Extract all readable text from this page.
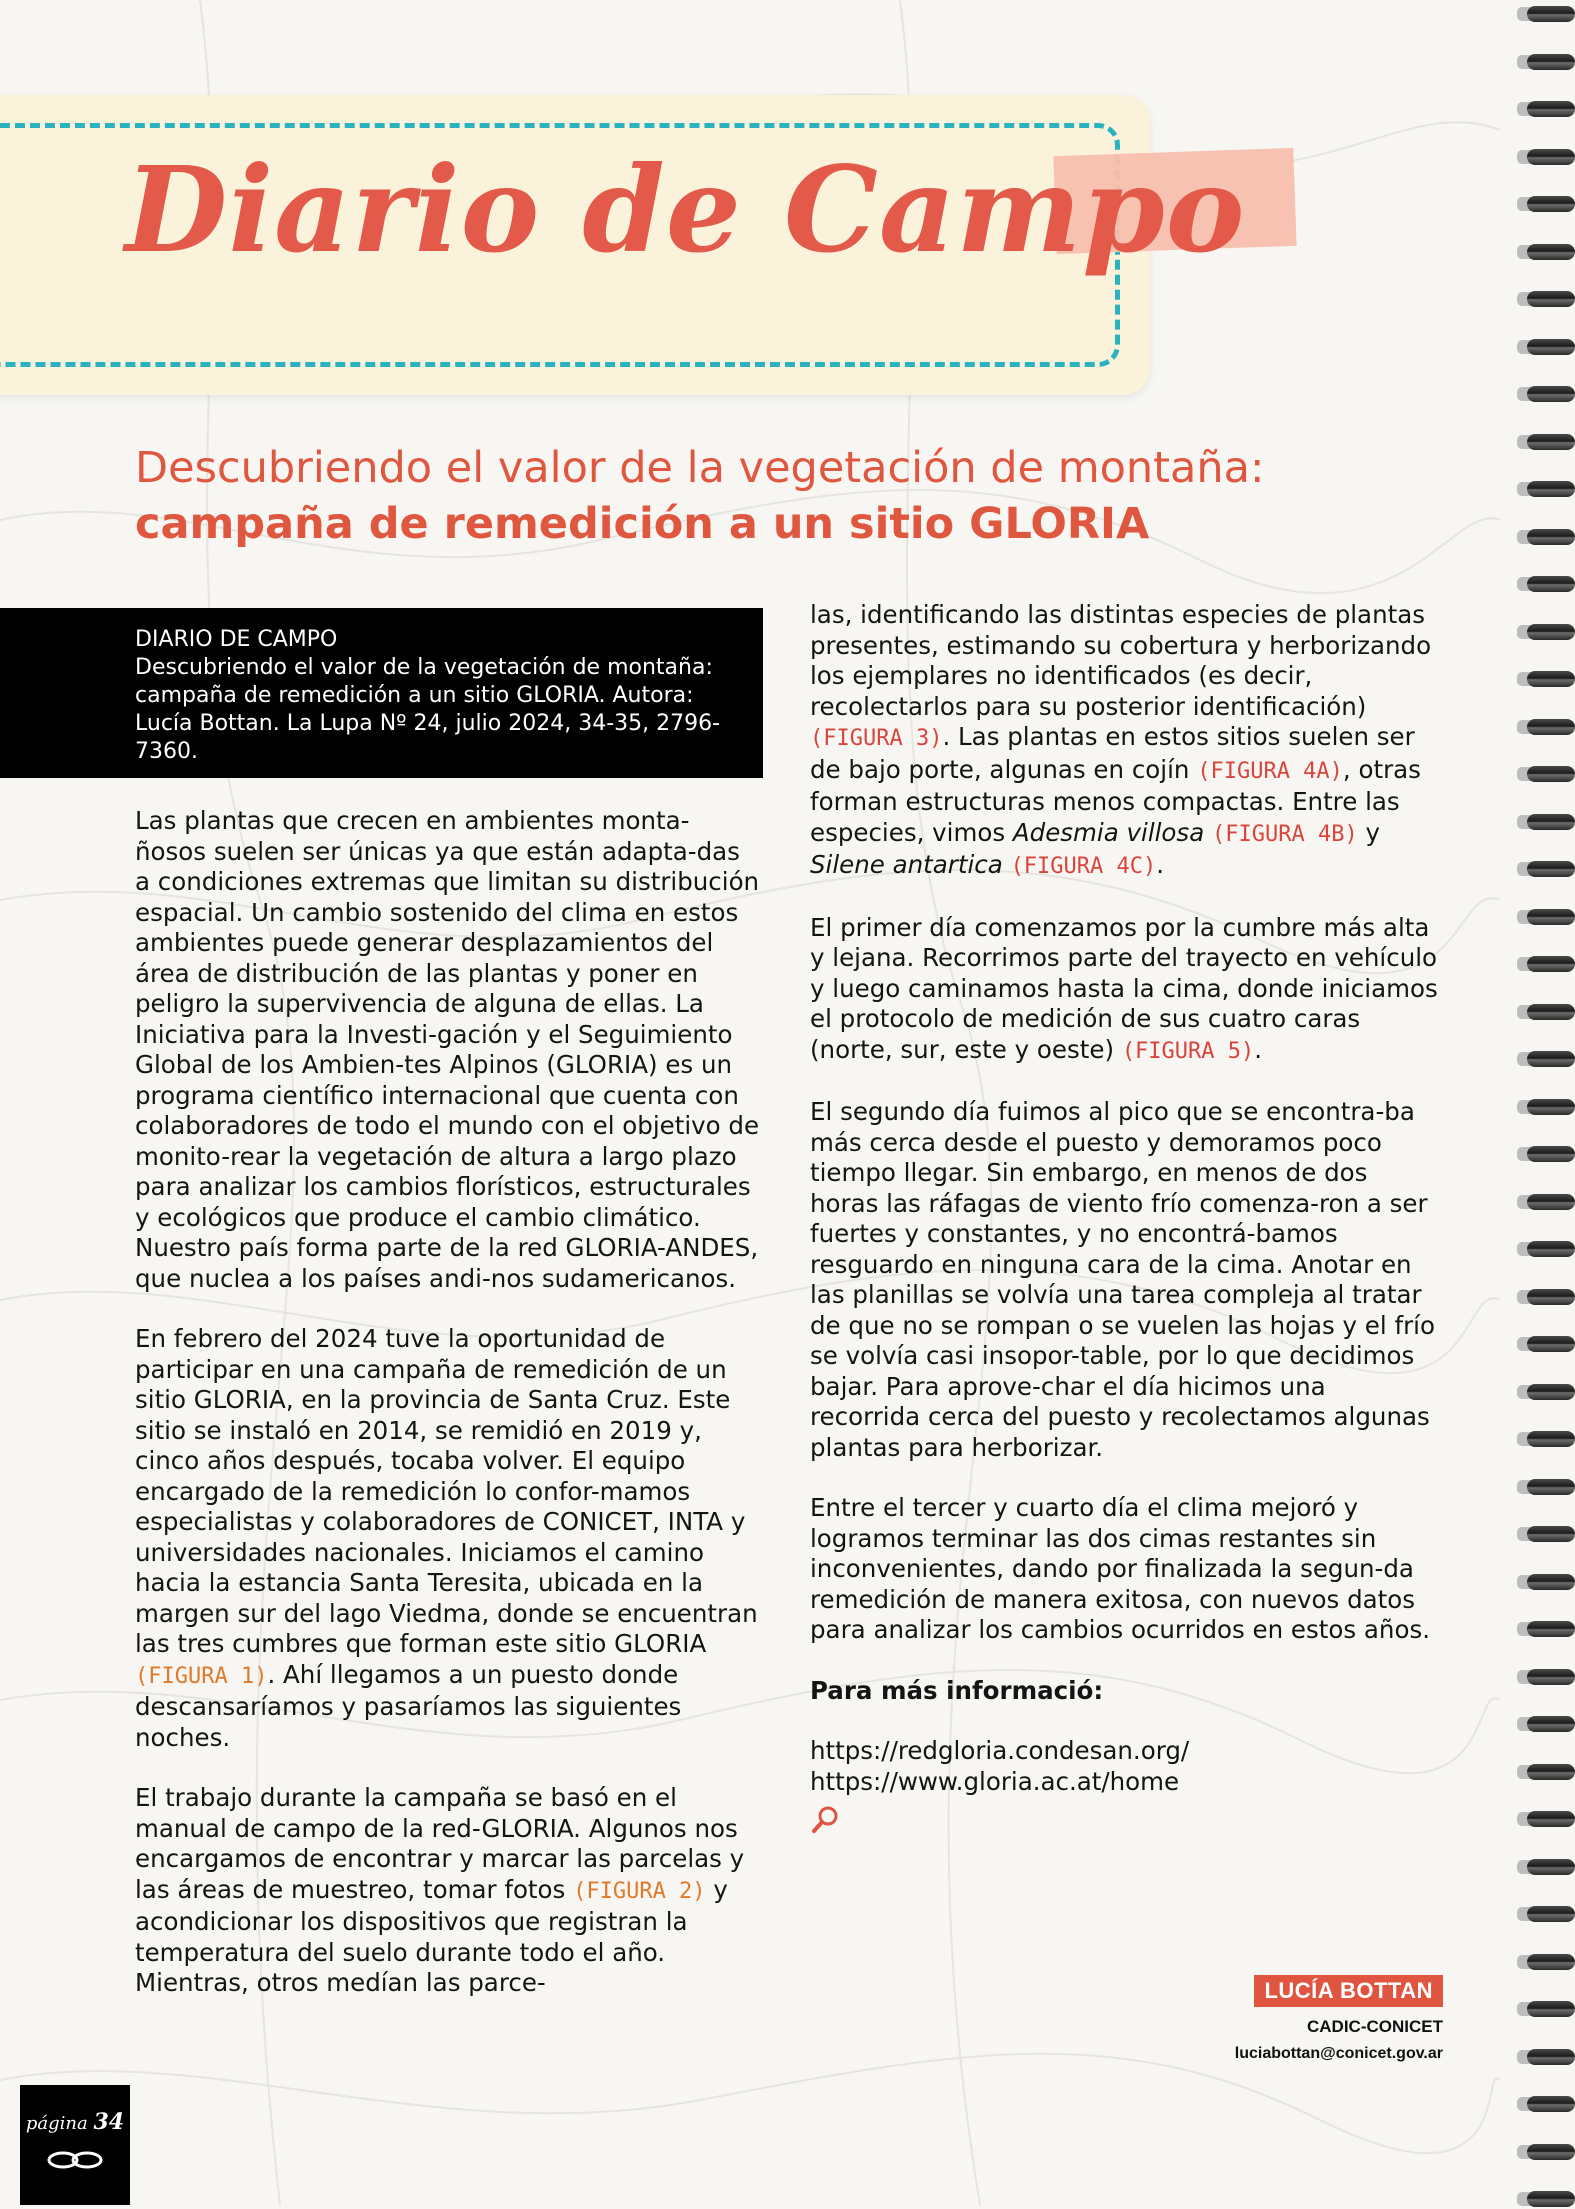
Diario de Campo
Descubriendo el valor de la vegetación de montaña:
campaña de remedición a un sitio GLORIA
DIARIO DE CAMPO
Descubriendo el valor de la vegetación de montaña: campaña de remedición a un sitio GLORIA. Autora: Lucía Bottan. La Lupa Nº 24, julio 2024, 34-35, 2796-7360.

Las plantas que crecen en ambientes monta-ñosos suelen ser únicas ya que están adapta-das a condiciones extremas que limitan su distribución espacial. Un cambio sostenido del clima en estos ambientes puede generar desplazamientos del área de distribución de las plantas y poner en peligro la supervivencia de alguna de ellas. La Iniciativa para la Investi-gación y el Seguimiento Global de los Ambien-tes Alpinos (GLORIA) es un programa científico internacional que cuenta con colaboradores de todo el mundo con el objetivo de monito-rear la vegetación de altura a largo plazo para analizar los cambios florísticos, estructurales y ecológicos que produce el cambio climático. Nuestro país forma parte de la red GLORIA-ANDES, que nuclea a los países andi-nos sudamericanos.

En febrero del 2024 tuve la oportunidad de participar en una campaña de remedición de un sitio GLORIA, en la provincia de Santa Cruz. Este sitio se instaló en 2014, se remidió en 2019 y, cinco años después, tocaba volver. El equipo encargado de la remedición lo confor-mamos especialistas y colaboradores de CONICET, INTA y universidades nacionales. Iniciamos el camino hacia la estancia Santa Teresita, ubicada en la margen sur del lago Viedma, donde se encuentran las tres cumbres que forman este sitio GLORIA (FIGURA 1). Ahí llegamos a un puesto donde descansaríamos y pasaríamos las siguientes noches.

El trabajo durante la campaña se basó en el manual de campo de la red-GLORIA. Algunos nos encargamos de encontrar y marcar las parcelas y las áreas de muestreo, tomar fotos (FIGURA 2) y acondicionar los dispositivos que registran la temperatura del suelo durante todo el año. Mientras, otros medían las parce-

las, identificando las distintas especies de plantas presentes, estimando su cobertura y herborizando los ejemplares no identificados (es decir, recolectarlos para su posterior identificación) (FIGURA 3). Las plantas en estos sitios suelen ser de bajo porte, algunas en cojín (FIGURA 4A), otras forman estructuras menos compactas. Entre las especies, vimos Adesmia villosa (FIGURA 4B) y Silene antartica (FIGURA 4C).

El primer día comenzamos por la cumbre más alta y lejana. Recorrimos parte del trayecto en vehículo y luego caminamos hasta la cima, donde iniciamos el protocolo de medición de sus cuatro caras (norte, sur, este y oeste) (FIGURA 5).

El segundo día fuimos al pico que se encontra-ba más cerca desde el puesto y demoramos poco tiempo llegar. Sin embargo, en menos de dos horas las ráfagas de viento frío comenza-ron a ser fuertes y constantes, y no encontrá-bamos resguardo en ninguna cara de la cima. Anotar en las planillas se volvía una tarea compleja al tratar de que no se rompan o se vuelen las hojas y el frío se volvía casi insopor-table, por lo que decidimos bajar. Para aprove-char el día hicimos una recorrida cerca del puesto y recolectamos algunas plantas para herborizar.

Entre el tercer y cuarto día el clima mejoró y logramos terminar las dos cimas restantes sin inconvenientes, dando por finalizada la segun-da remedición de manera exitosa, con nuevos datos para analizar los cambios ocurridos en estos años.

Para más informació:

https://redgloria.condesan.org/
https://www.gloria.ac.at/home
LUCÍA BOTTAN
CADIC-CONICET
luciabottan@conicet.gov.ar
página 34
